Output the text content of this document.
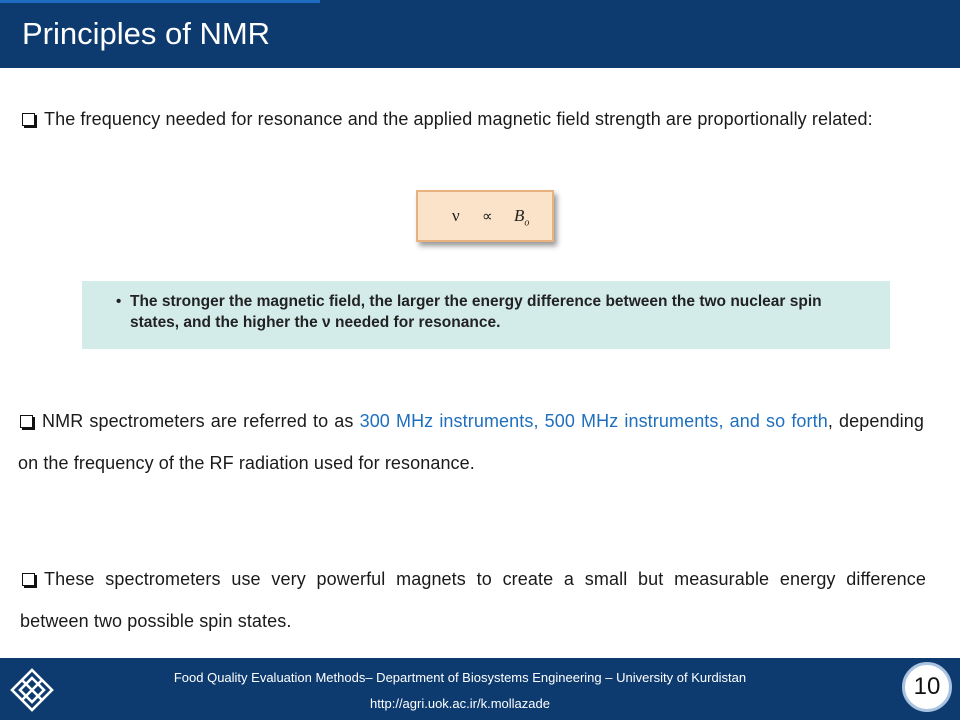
Principles of NMR
The frequency needed for resonance and the applied magnetic field strength are proportionally related:
$\nu \propto B_o$
• The stronger the magnetic field, the larger the energy difference between the two nuclear spin states, and the higher the ν needed for resonance.
NMR spectrometers are referred to as 300 MHz instruments, 500 MHz instruments, and so forth, depending on the frequency of the RF radiation used for resonance.
These spectrometers use very powerful magnets to create a small but measurable energy difference between two possible spin states.
Food Quality Evaluation Methods– Department of Biosystems Engineering – University of Kurdistan
http://agri.uok.ac.ir/k.mollazade
10
